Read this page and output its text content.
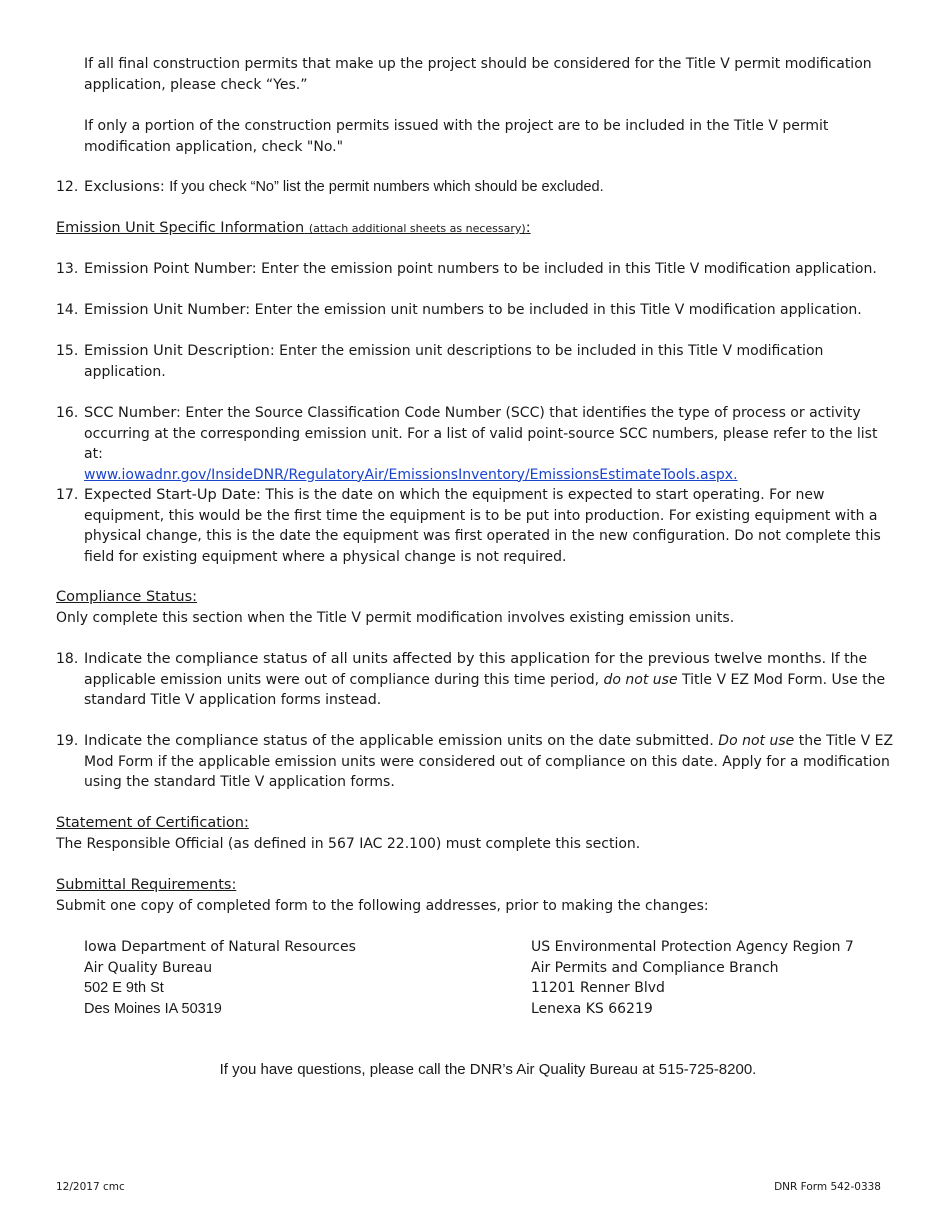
If all final construction permits that make up the project should be considered for the Title V permit modification application, please check “Yes.”

If only a portion of the construction permits issued with the project are to be included in the Title V permit modification application, check "No."

12. Exclusions: If you check “No” list the permit numbers which should be excluded.
Emission Unit Specific Information (attach additional sheets as necessary):
13. Emission Point Number: Enter the emission point numbers to be included in this Title V modification application.
14. Emission Unit Number: Enter the emission unit numbers to be included in this Title V modification application.
15. Emission Unit Description: Enter the emission unit descriptions to be included in this Title V modification application.
16. SCC Number: Enter the Source Classification Code Number (SCC) that identifies the type of process or activity occurring at the corresponding emission unit. For a list of valid point-source SCC numbers, please refer to the list at:
www.iowadnr.gov/InsideDNR/RegulatoryAir/EmissionsInventory/EmissionsEstimateTools.aspx.
17. Expected Start-Up Date: This is the date on which the equipment is expected to start operating. For new equipment, this would be the first time the equipment is to be put into production. For existing equipment with a physical change, this is the date the equipment was first operated in the new configuration. Do not complete this field for existing equipment where a physical change is not required.
Compliance Status:
Only complete this section when the Title V permit modification involves existing emission units.
18. Indicate the compliance status of all units affected by this application for the previous twelve months. If the applicable emission units were out of compliance during this time period, do not use Title V EZ Mod Form. Use the standard Title V application forms instead.
19. Indicate the compliance status of the applicable emission units on the date submitted. Do not use the Title V EZ Mod Form if the applicable emission units were considered out of compliance on this date. Apply for a modification using the standard Title V application forms.
Statement of Certification:
The Responsible Official (as defined in 567 IAC 22.100) must complete this section.
Submittal Requirements:
Submit one copy of completed form to the following addresses, prior to making the changes:
Iowa Department of Natural Resources
Air Quality Bureau
502 E 9th St
Des Moines IA 50319
US Environmental Protection Agency Region 7
Air Permits and Compliance Branch
11201 Renner Blvd
Lenexa KS 66219
If you have questions, please call the DNR’s Air Quality Bureau at 515-725-8200.
12/2017 cmc	DNR Form 542-0338
